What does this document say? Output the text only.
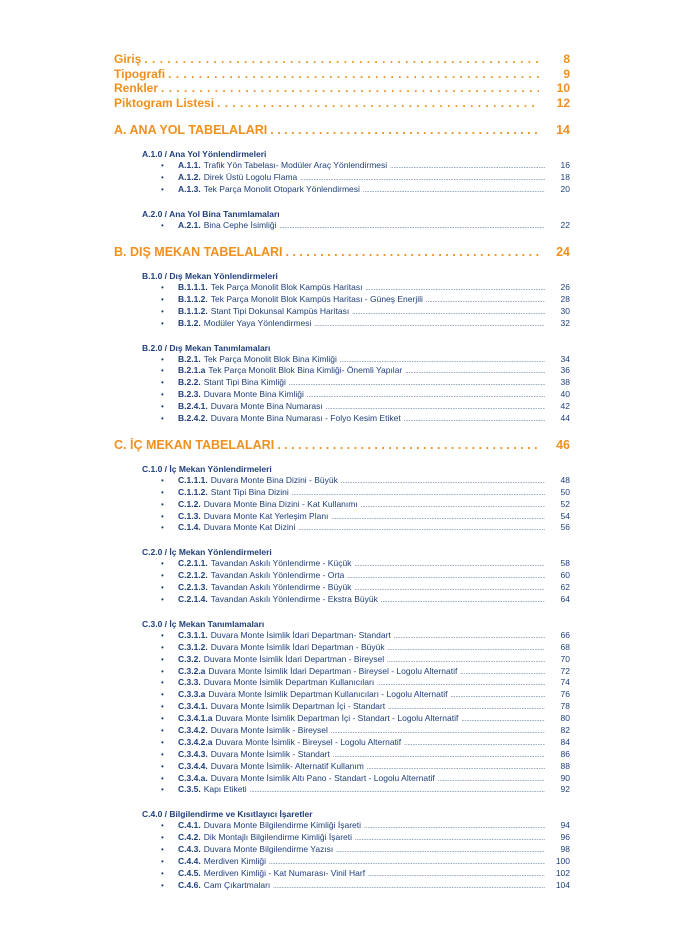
Giriş . . .	8
Tipografi . . .	9
Renkler . . .	10
Piktogram Listesi . . .	12
A. ANA YOL TABELALARI . . .	14
A.1.0 / Ana Yol Yönlendirmeleri
•	A.1.1. Trafik Yön Tabelası- Modüler Araç Yönlendirmesi .....	16
•	A.1.2. Direk Üstü Logolu Flama .....	18
•	A.1.3. Tek Parça Monolit Otopark Yönlendirmesi .....	20
A.2.0 / Ana Yol Bina Tanımlamaları
•	A.2.1. Bina Cephe İsimliği .....	22
B. DIŞ MEKAN TABELALARI . . .	24
B.1.0 / Dış Mekan Yönlendirmeleri
•	B.1.1.1. Tek Parça Monolit Blok Kampüs Haritası .....	26
•	B.1.1.2. Tek Parça Monolit Blok Kampüs Haritası - Güneş Enerjili .....	28
•	B.1.1.2. Stant Tipi Dokunsal Kampüs Haritası .....	30
•	B.1.2. Modüler Yaya Yönlendirmesi .....	32
B.2.0 / Dış Mekan Tanımlamaları
•	B.2.1. Tek Parça Monolit Blok Bina Kimliği .....	34
•	B.2.1.a Tek Parça Monolit Blok Bina Kimliği- Önemli Yapılar .....	36
•	B.2.2. Stant Tipi Bina Kimliği .....	38
•	B.2.3. Duvara Monte Bina Kimliği .....	40
•	B.2.4.1. Duvara Monte Bina Numarası .....	42
•	B.2.4.2. Duvara Monte Bina Numarası - Folyo Kesim Etiket .....	44
C. İÇ MEKAN TABELALARI . . .	46
C.1.0 / İç Mekan Yönlendirmeleri
•	C.1.1.1. Duvara Monte Bina Dizini - Büyük .....	48
•	C.1.1.2. Stant Tipi Bina Dizini .....	50
•	C.1.2. Duvara Monte Bina Dizini - Kat Kullanımı .....	52
•	C.1.3. Duvara Monte Kat Yerleşim Planı .....	54
•	C.1.4. Duvara Monte Kat Dizini .....	56
C.2.0 / İç Mekan Yönlendirmeleri
•	C.2.1.1. Tavandan Askılı Yönlendirme - Küçük .....	58
•	C.2.1.2. Tavandan Askılı Yönlendirme - Orta .....	60
•	C.2.1.3. Tavandan Askılı Yönlendirme - Büyük .....	62
•	C.2.1.4. Tavandan Askılı Yönlendirme - Ekstra Büyük .....	64
C.3.0 / İç Mekan Tanımlamaları
•	C.3.1.1. Duvara Monte İsimlik İdari Departman- Standart .....	66
•	C.3.1.2. Duvara Monte İsimlik İdari Departman - Büyük .....	68
•	C.3.2. Duvara Monte İsimlik İdari Departman - Bireysel .....	70
•	C.3.2.a Duvara Monte İsimlik İdari Departman - Bireysel - Logolu Alternatif .....	72
•	C.3.3. Duvara Monte İsimlik Departman Kullanıcıları .....	74
•	C.3.3.a Duvara Monte İsimlik Departman Kullanıcıları - Logolu Alternatif .....	76
•	C.3.4.1. Duvara Monte İsimlik Departman İçi - Standart .....	78
•	C.3.4.1.a Duvara Monte İsimlik Departman İçi - Standart - Logolu Alternatif .....	80
•	C.3.4.2. Duvara Monte İsimlik - Bireysel .....	82
•	C.3.4.2.a Duvara Monte İsimlik - Bireysel - Logolu Alternatif .....	84
•	C.3.4.3. Duvara Monte İsimlik - Standart .....	86
•	C.3.4.4. Duvara Monte İsimlik- Alternatif Kullanım .....	88
•	C.3.4.a. Duvara Monte İsimlik Altı Pano - Standart - Logolu Alternatif .....	90
•	C.3.5. Kapı Etiketi .....	92
C.4.0 / Bilgilendirme ve Kısıtlayıcı İşaretler
•	C.4.1. Duvara Monte Bilgilendirme Kimliği İşareti .....	94
•	C.4.2. Dik Montajlı Bilgilendirme Kimliği İşareti .....	96
•	C.4.3. Duvara Monte Bilgilendirme Yazısı .....	98
•	C.4.4. Merdiven Kimliği .....	100
•	C.4.5. Merdiven Kimliği - Kat Numarası- Vinil Harf .....	102
•	C.4.6. Cam Çıkartmaları .....	104
